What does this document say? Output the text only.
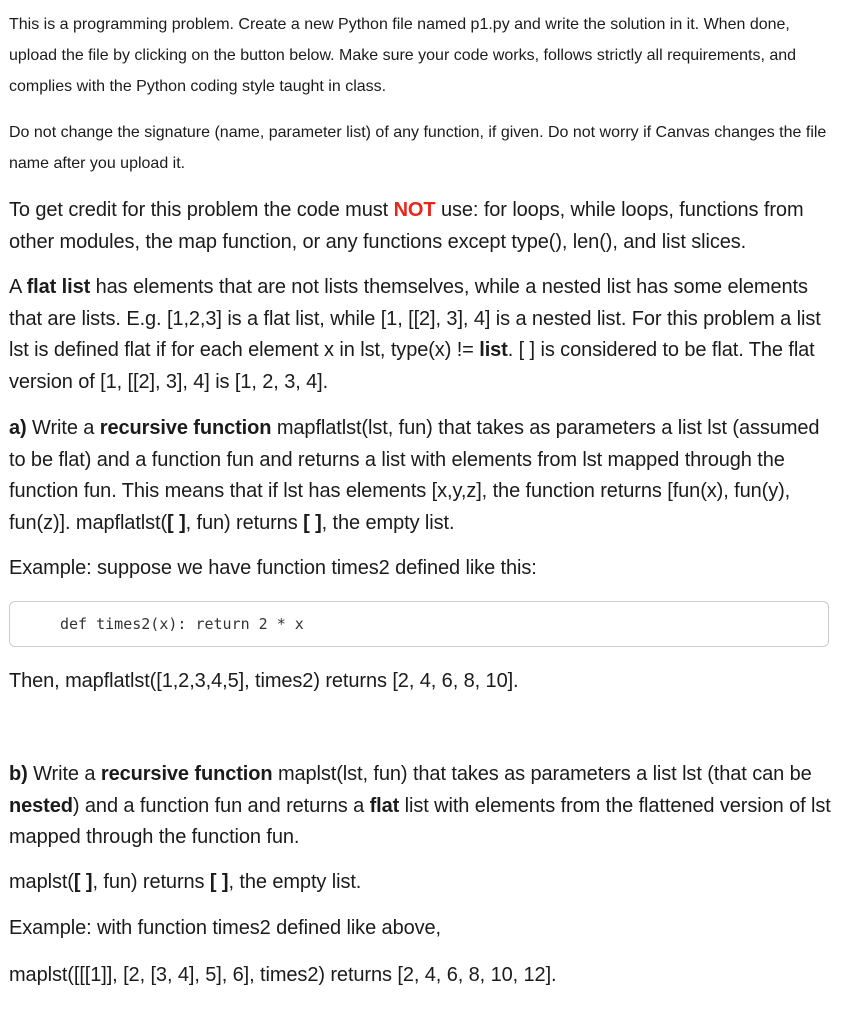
This is a programming problem. Create a new Python file named p1.py and write the solution in it. When done, upload the file by clicking on the button below. Make sure your code works, follows strictly all requirements, and complies with the Python coding style taught in class.

Do not change the signature (name, parameter list) of any function, if given. Do not worry if Canvas changes the file name after you upload it.

To get credit for this problem the code must NOT use: for loops, while loops, functions from other modules, the map function, or any functions except type(), len(), and list slices.

A flat list has elements that are not lists themselves, while a nested list has some elements that are lists. E.g. [1,2,3] is a flat list, while [1, [[2], 3], 4] is a nested list. For this problem a list lst is defined flat if for each element x in lst, type(x) != list. [ ] is considered to be flat. The flat version of [1, [[2], 3], 4] is [1, 2, 3, 4].

a) Write a recursive function mapflatlst(lst, fun) that takes as parameters a list lst (assumed to be flat) and a function fun and returns a list with elements from lst mapped through the function fun. This means that if lst has elements [x,y,z], the function returns [fun(x), fun(y), fun(z)]. mapflatlst([ ], fun) returns [ ], the empty list.

Example: suppose we have function times2 defined like this:

def times2(x): return 2 * x

Then, mapflatlst([1,2,3,4,5], times2) returns [2, 4, 6, 8, 10].

b) Write a recursive function maplst(lst, fun) that takes as parameters a list lst (that can be nested) and a function fun and returns a flat list with elements from the flattened version of lst mapped through the function fun.

maplst([ ], fun) returns [ ], the empty list.

Example: with function times2 defined like above,

maplst([[[1]], [2, [3, 4], 5], 6], times2) returns [2, 4, 6, 8, 10, 12].
